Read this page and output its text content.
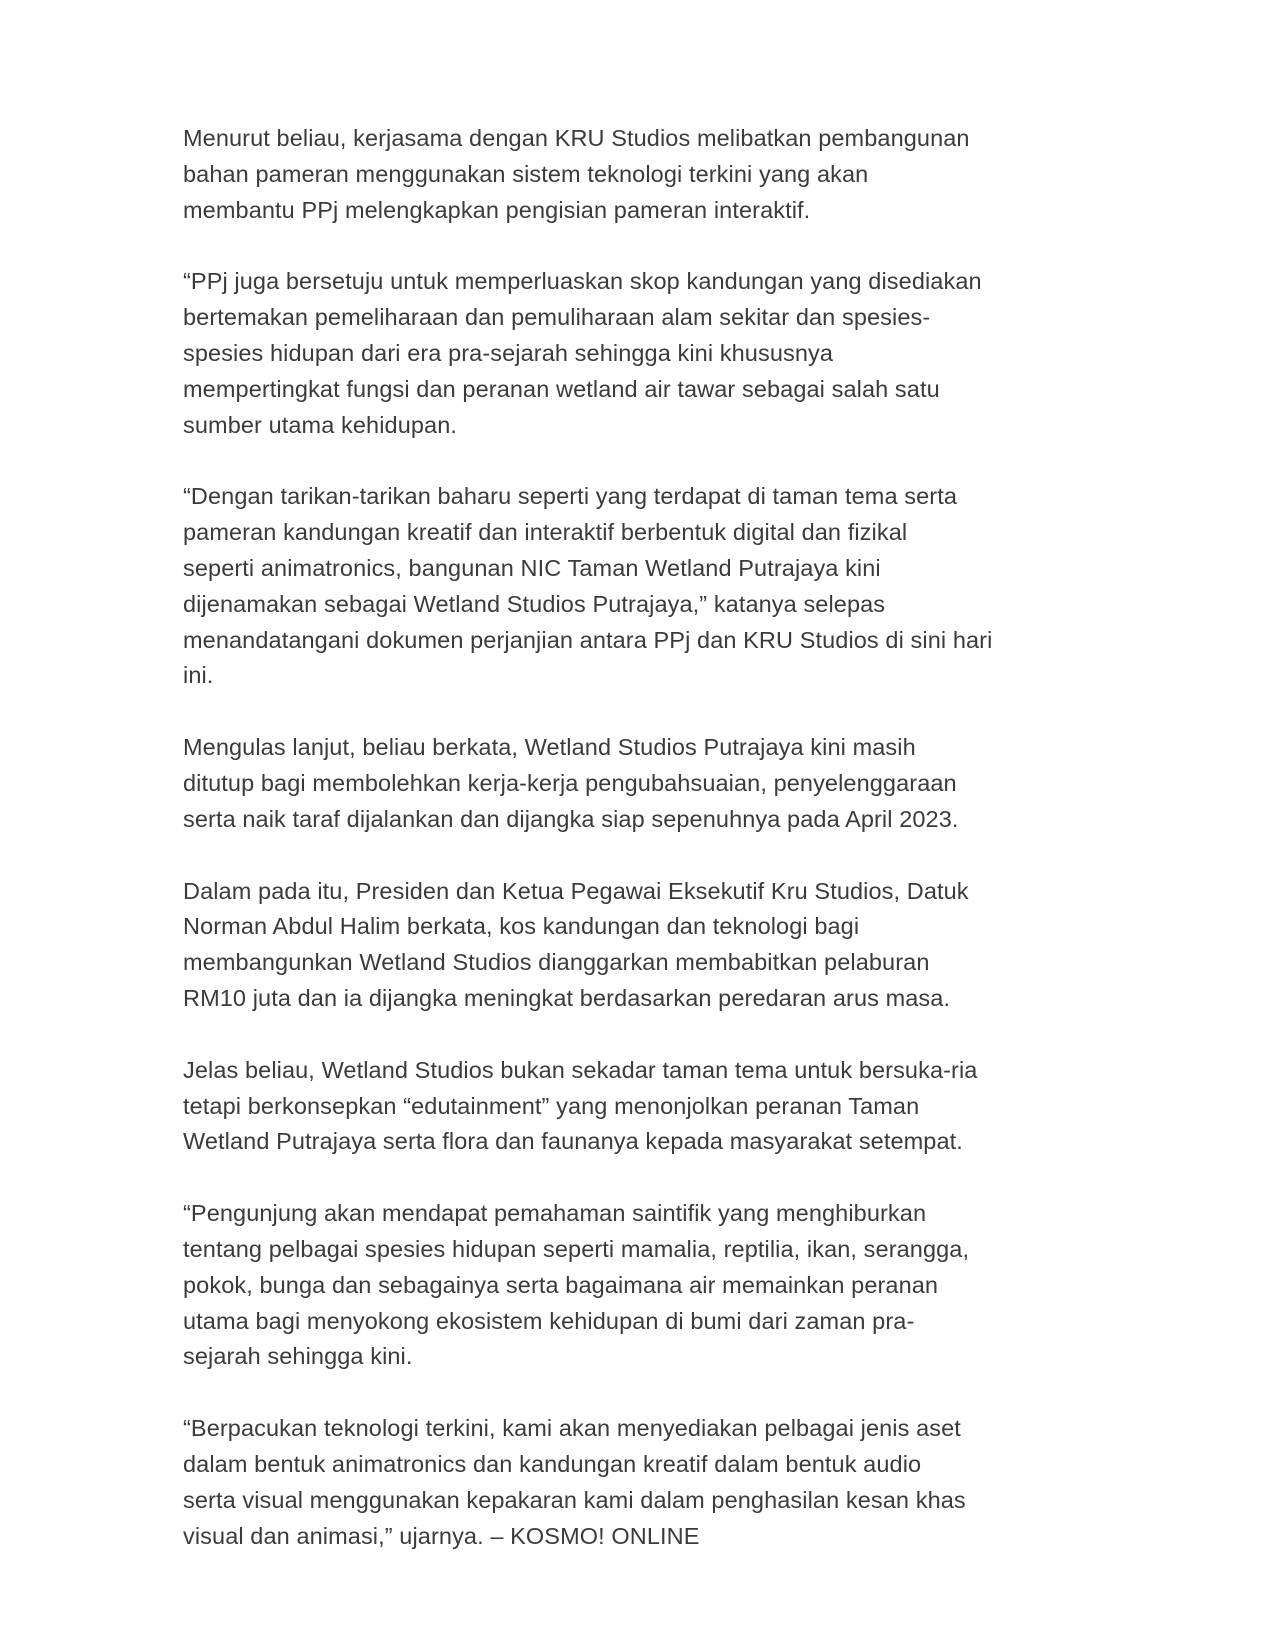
Menurut beliau, kerjasama dengan KRU Studios melibatkan pembangunan
bahan pameran menggunakan sistem teknologi terkini yang akan
membantu PPj melengkapkan pengisian pameran interaktif.

“PPj juga bersetuju untuk memperluaskan skop kandungan yang disediakan
bertemakan pemeliharaan dan pemuliharaan alam sekitar dan spesies-
spesies hidupan dari era pra-sejarah sehingga kini khususnya
mempertingkat fungsi dan peranan wetland air tawar sebagai salah satu
sumber utama kehidupan.

“Dengan tarikan-tarikan baharu seperti yang terdapat di taman tema serta
pameran kandungan kreatif dan interaktif berbentuk digital dan fizikal
seperti animatronics, bangunan NIC Taman Wetland Putrajaya kini
dijenamakan sebagai Wetland Studios Putrajaya,” katanya selepas
menandatangani dokumen perjanjian antara PPj dan KRU Studios di sini hari
ini.

Mengulas lanjut, beliau berkata, Wetland Studios Putrajaya kini masih
ditutup bagi membolehkan kerja-kerja pengubahsuaian, penyelenggaraan
serta naik taraf dijalankan dan dijangka siap sepenuhnya pada April 2023.

Dalam pada itu, Presiden dan Ketua Pegawai Eksekutif Kru Studios, Datuk
Norman Abdul Halim berkata, kos kandungan dan teknologi bagi
membangunkan Wetland Studios dianggarkan membabitkan pelaburan
RM10 juta dan ia dijangka meningkat berdasarkan peredaran arus masa.

Jelas beliau, Wetland Studios bukan sekadar taman tema untuk bersuka-ria
tetapi berkonsepkan “edutainment” yang menonjolkan peranan Taman
Wetland Putrajaya serta flora dan faunanya kepada masyarakat setempat.

“Pengunjung akan mendapat pemahaman saintifik yang menghiburkan
tentang pelbagai spesies hidupan seperti mamalia, reptilia, ikan, serangga,
pokok, bunga dan sebagainya serta bagaimana air memainkan peranan
utama bagi menyokong ekosistem kehidupan di bumi dari zaman pra-
sejarah sehingga kini.

“Berpacukan teknologi terkini, kami akan menyediakan pelbagai jenis aset
dalam bentuk animatronics dan kandungan kreatif dalam bentuk audio
serta visual menggunakan kepakaran kami dalam penghasilan kesan khas
visual dan animasi,” ujarnya. – KOSMO! ONLINE
